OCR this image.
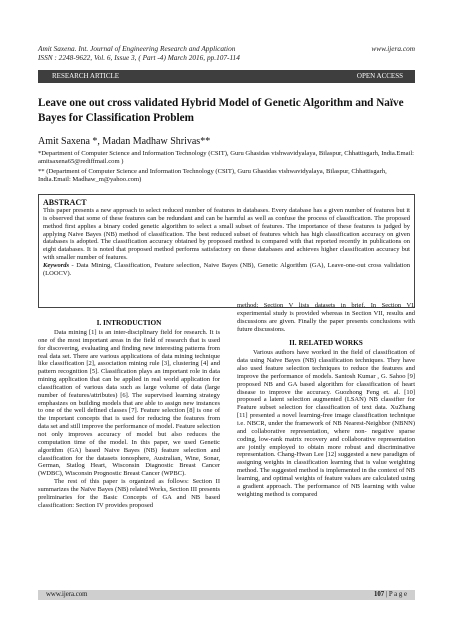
Amit Saxena. Int. Journal of Engineering Research and Application	www.ijera.com
ISSN : 2248-9622, Vol. 6, Issue 3, ( Part -4) March 2016, pp.107-114
RESEARCH ARTICLE	OPEN ACCESS
Leave one out cross validated Hybrid Model of Genetic Algorithm and Naïve Bayes for Classification Problem
Amit Saxena *, Madan Madhaw Shrivas**
*Department of Computer Science and Information Technology (CSIT), Guru Ghasidas vishwavidyalaya, Bilaspur, Chhattisgarh, India.Email: amitsaxena65@rediffmail.com )
** (Department of Computer Science and Information Technology (CSIT), Guru Ghasidas vishwavidyalaya, Bilaspur, Chhattisgarh, India.Email: Madhaw_m@yahoo.com)
ABSTRACT
This paper presents a new approach to select reduced number of features in databases. Every database has a given number of features but it is observed that some of these features can be redundant and can be harmful as well as confuse the process of classification. The proposed method first applies a binary coded genetic algorithm to select a small subset of features. The importance of these features is judged by applying Naive Bayes (NB) method of classification. The best reduced subset of features which has high classification accuracy on given databases is adopted. The classification accuracy obtained by proposed method is compared with that reported recently in publications on eight databases. It is noted that proposed method performs satisfactory on these databases and achieves higher classification accuracy but with smaller number of features.
Keywords - Data Mining, Classification, Feature selection, Naive Bayes (NB), Genetic Algorithm (GA), Leave-one-out cross validation (LOOCV).
I. INTRODUCTION

Data mining [1] is an inter-disciplinary field for research. It is one of the most important areas in the field of research that is used for discovering, evaluating and finding new interesting patterns from real data set. There are various applications of data mining technique like classification [2], association mining rule [3], clustering [4] and pattern recognition [5]. Classification plays an important role in data mining application that can be applied in real world application for classification of various data such as large volume of data (large number of features/attributes) [6]. The supervised learning strategy emphasizes on building models that are able to assign new instances to one of the well defined classes [7]. Feature selection [8] is one of the important concepts that is used for reducing the features from data set and still improve the performance of model. Feature selection not only improves accuracy of model but also reduces the computation time of the model. In this paper, we used Genetic algorithm (GA) based Naive Bayes (NB) feature selection and classification for the datasets ionosphere, Australian, Wine, Sonar, German, Statlog Heart, Wisconsin Diagnostic Breast Cancer (WDBC), Wisconsin Prognostic Breast Cancer (WPBC).

The rest of this paper is organized as follows: Section II summarizes the Naïve Bayes (NB) related Works, Section III presents preliminaries for the Basic Concepts of GA and NB based classification: Section IV provides proposed

method; Section V lists datasets in brief. In Section VI, experimental study is provided whereas in Section VII, results and discussions are given. Finally the paper presents conclusions with future discussions.

II. RELATED WORKS

Various authors have worked in the field of classification of data using Naïve Bayes (NB) classification techniques. They have also used feature selection techniques to reduce the features and improve the performance of models. Santosh Kumar , G. Sahoo [9] proposed NB and GA based algorithm for classification of heart disease to improve the accuracy. Guozhong Feng et. al. [10] proposed a latent selection augmented (LSAN) NB classifier for Feature subset selection for classification of text data. XuZhang [11] presented a novel learning-free image classification technique i.e. NBCR, under the framework of NB Nearest-Neighbor (NBNN) and collaborative representation, where non- negative sparse coding, low-rank matrix recovery and collaborative representation are jointly employed to obtain more robust and discriminative representation. Chang-Hwan Lee [12] suggested a new paradigm of assigning weights in classification learning that is value weighting method. The suggested method is implemented in the context of NB learning, and optimal weights of feature values are calculated using a gradient approach. The performance of NB learning with value weighting method is compared

www.ijera.com	107 | P a g e
